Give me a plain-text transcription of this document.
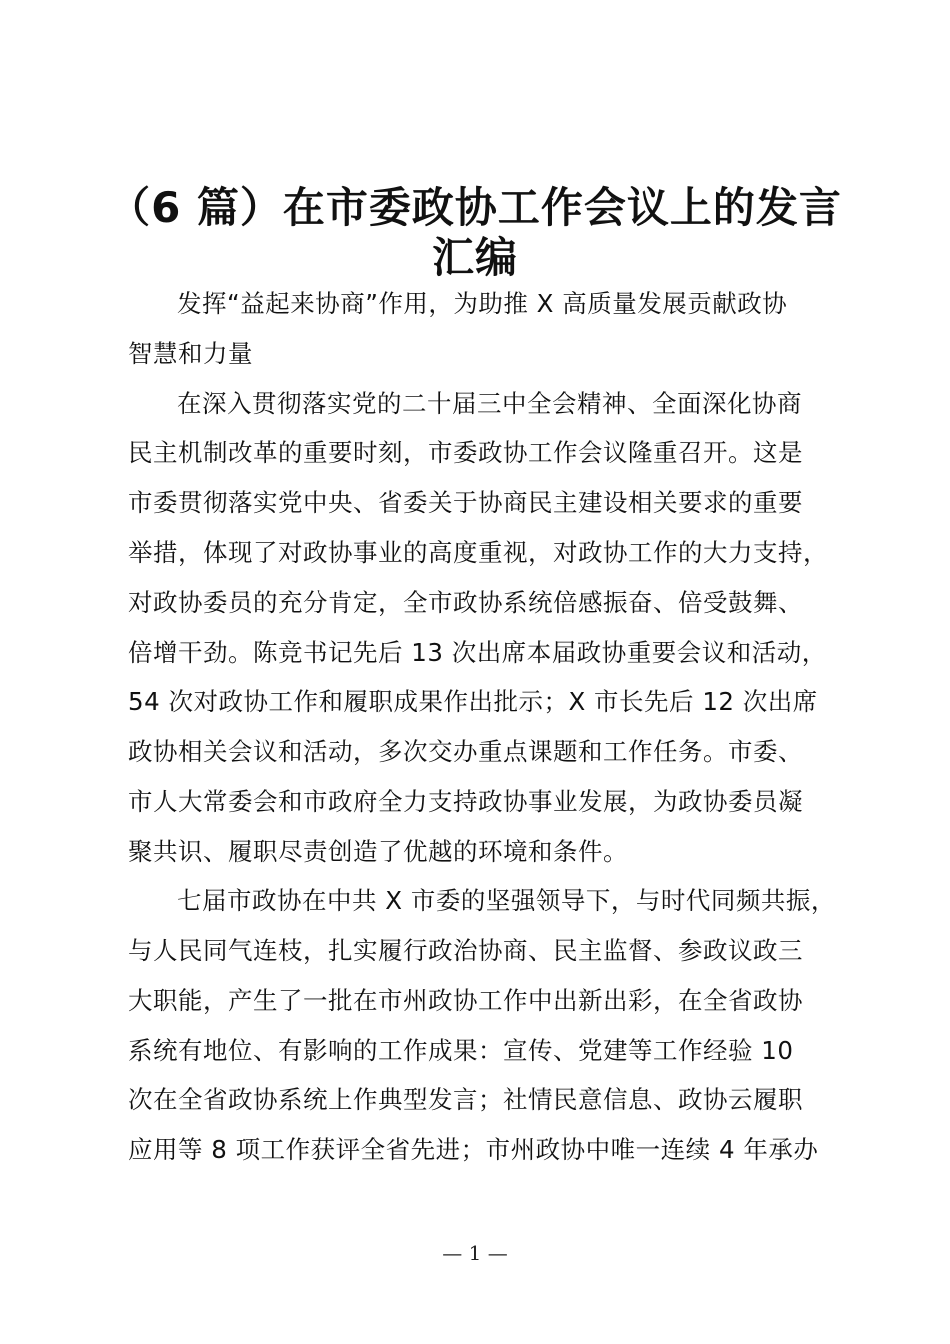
（6 篇）在市委政协工作会议上的发言
汇编
发挥“益起来协商”作用，为助推 X 高质量发展贡献政协
智慧和力量
在深入贯彻落实党的二十届三中全会精神、全面深化协商
民主机制改革的重要时刻，市委政协工作会议隆重召开。这是
市委贯彻落实党中央、省委关于协商民主建设相关要求的重要
举措，体现了对政协事业的高度重视，对政协工作的大力支持，
对政协委员的充分肯定，全市政协系统倍感振奋、倍受鼓舞、
倍增干劲。陈竞书记先后 13 次出席本届政协重要会议和活动，
54 次对政协工作和履职成果作出批示；X 市长先后 12 次出席
政协相关会议和活动，多次交办重点课题和工作任务。市委、
市人大常委会和市政府全力支持政协事业发展，为政协委员凝
聚共识、履职尽责创造了优越的环境和条件。
七届市政协在中共 X 市委的坚强领导下，与时代同频共振，
与人民同气连枝，扎实履行政治协商、民主监督、参政议政三
大职能，产生了一批在市州政协工作中出新出彩，在全省政协
系统有地位、有影响的工作成果：宣传、党建等工作经验 10
次在全省政协系统上作典型发言；社情民意信息、政协云履职
应用等 8 项工作获评全省先进；市州政协中唯一连续 4 年承办
— 1 —
